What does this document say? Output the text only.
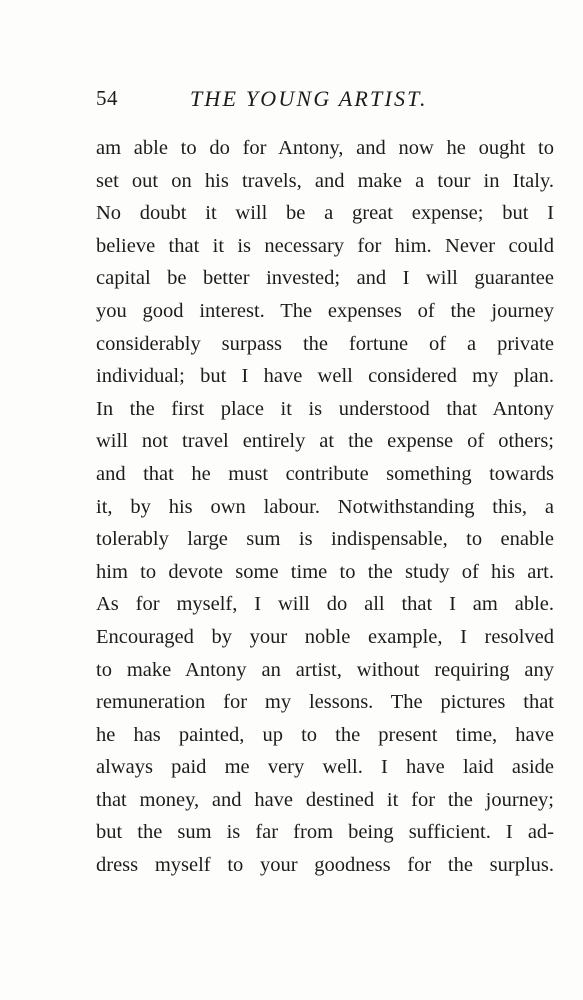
54	THE YOUNG ARTIST.
am able to do for Antony, and now he ought to
set out on his travels, and make a tour in Italy.
No doubt it will be a great expense; but I
believe that it is necessary for him. Never could
capital be better invested; and I will guarantee
you good interest. The expenses of the journey
considerably surpass the fortune of a private
individual; but I have well considered my plan.
In the first place it is understood that Antony
will not travel entirely at the expense of others;
and that he must contribute something towards
it, by his own labour. Notwithstanding this, a
tolerably large sum is indispensable, to enable
him to devote some time to the study of his art.
As for myself, I will do all that I am able.
Encouraged by your noble example, I resolved
to make Antony an artist, without requiring any
remuneration for my lessons. The pictures that
he has painted, up to the present time, have
always paid me very well. I have laid aside
that money, and have destined it for the journey;
but the sum is far from being sufficient. I ad-
dress myself to your goodness for the surplus.
